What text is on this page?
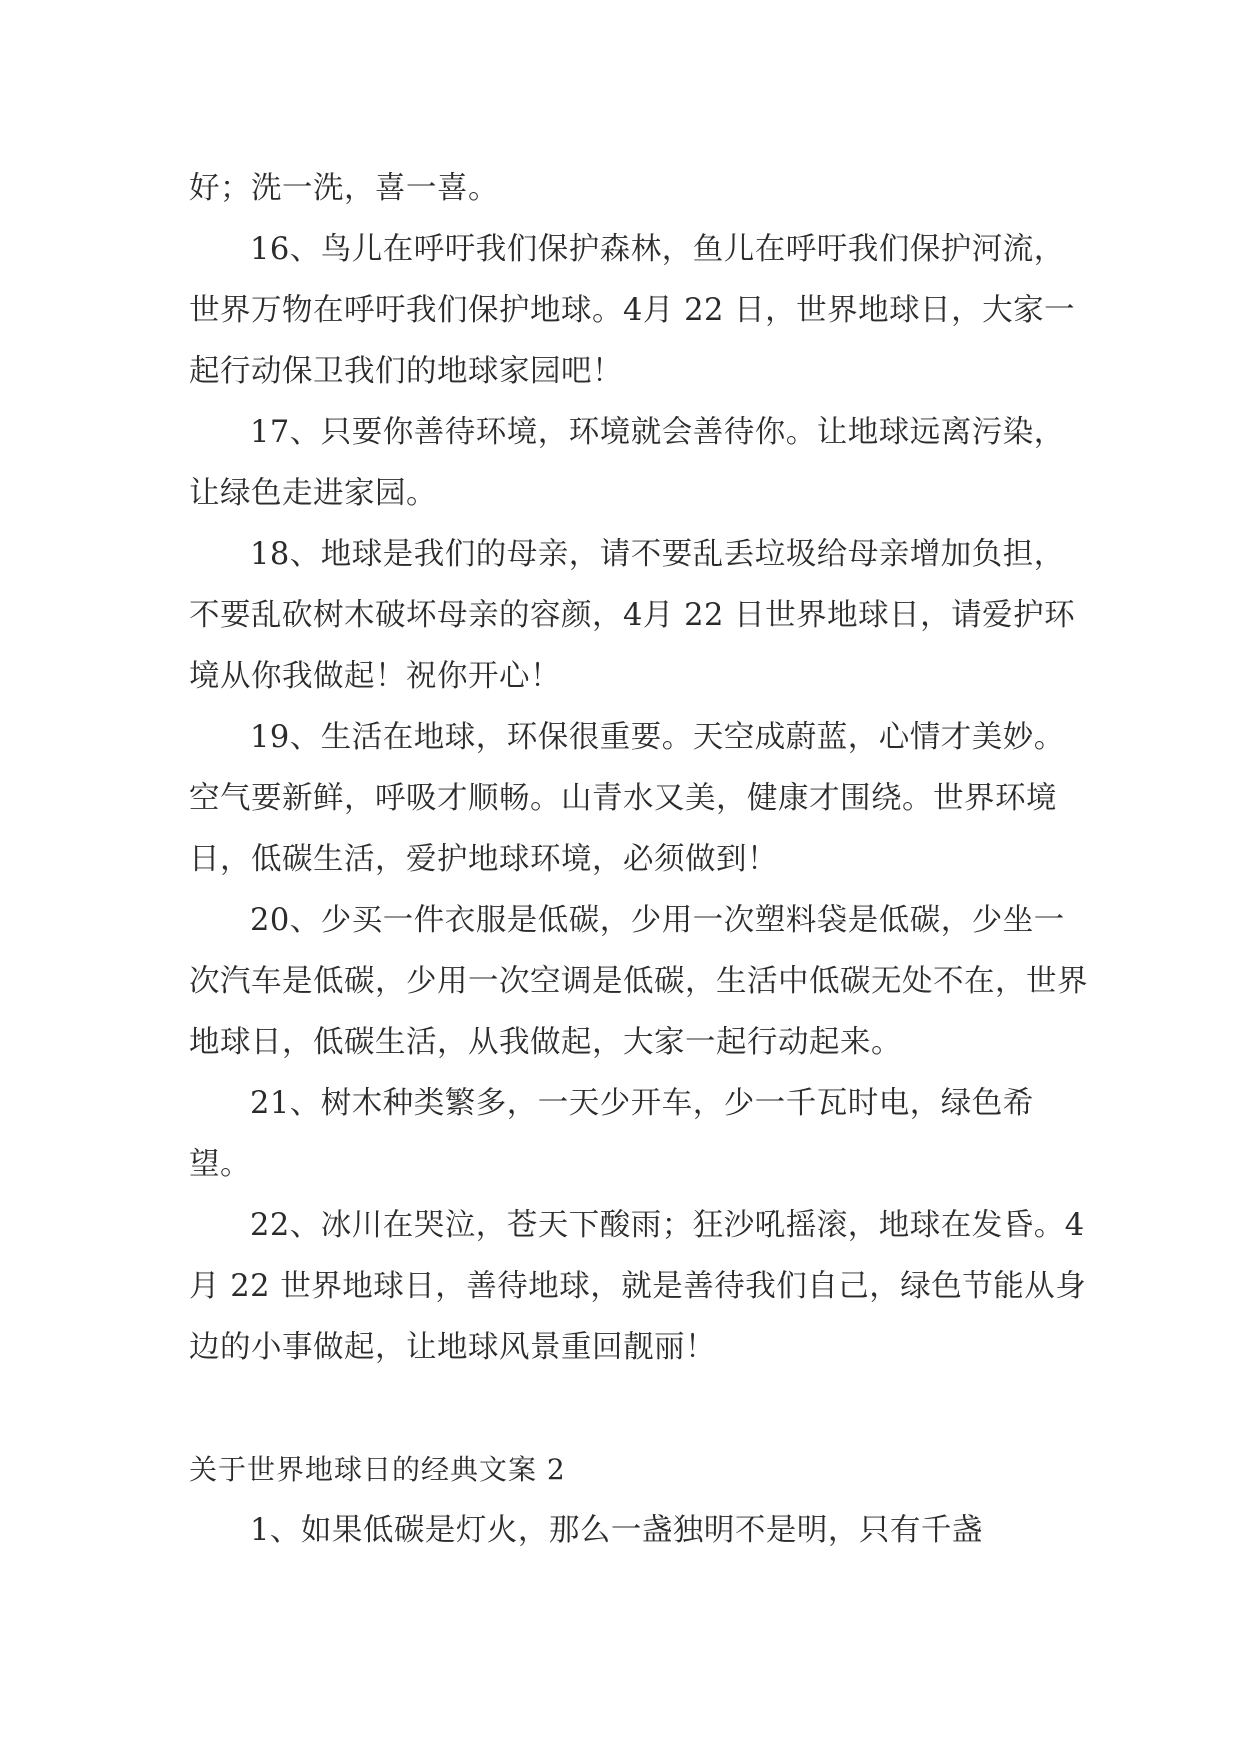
好；洗一洗，喜一喜。

16、鸟儿在呼吁我们保护森林，鱼儿在呼吁我们保护河流，世界万物在呼吁我们保护地球。4月 22 日，世界地球日，大家一起行动保卫我们的地球家园吧！

17、只要你善待环境，环境就会善待你。让地球远离污染，让绿色走进家园。

18、地球是我们的母亲，请不要乱丢垃圾给母亲增加负担，不要乱砍树木破坏母亲的容颜，4月 22 日世界地球日，请爱护环境从你我做起！祝你开心！

19、生活在地球，环保很重要。天空成蔚蓝，心情才美妙。空气要新鲜，呼吸才顺畅。山青水又美，健康才围绕。世界环境日，低碳生活，爱护地球环境，必须做到！

20、少买一件衣服是低碳，少用一次塑料袋是低碳，少坐一次汽车是低碳，少用一次空调是低碳，生活中低碳无处不在，世界地球日，低碳生活，从我做起，大家一起行动起来。

21、树木种类繁多，一天少开车，少一千瓦时电，绿色希望。

22、冰川在哭泣，苍天下酸雨；狂沙吼摇滚，地球在发昏。4月 22 世界地球日，善待地球，就是善待我们自己，绿色节能从身边的小事做起，让地球风景重回靓丽！

关于世界地球日的经典文案 2

1、如果低碳是灯火，那么一盏独明不是明，只有千盏
